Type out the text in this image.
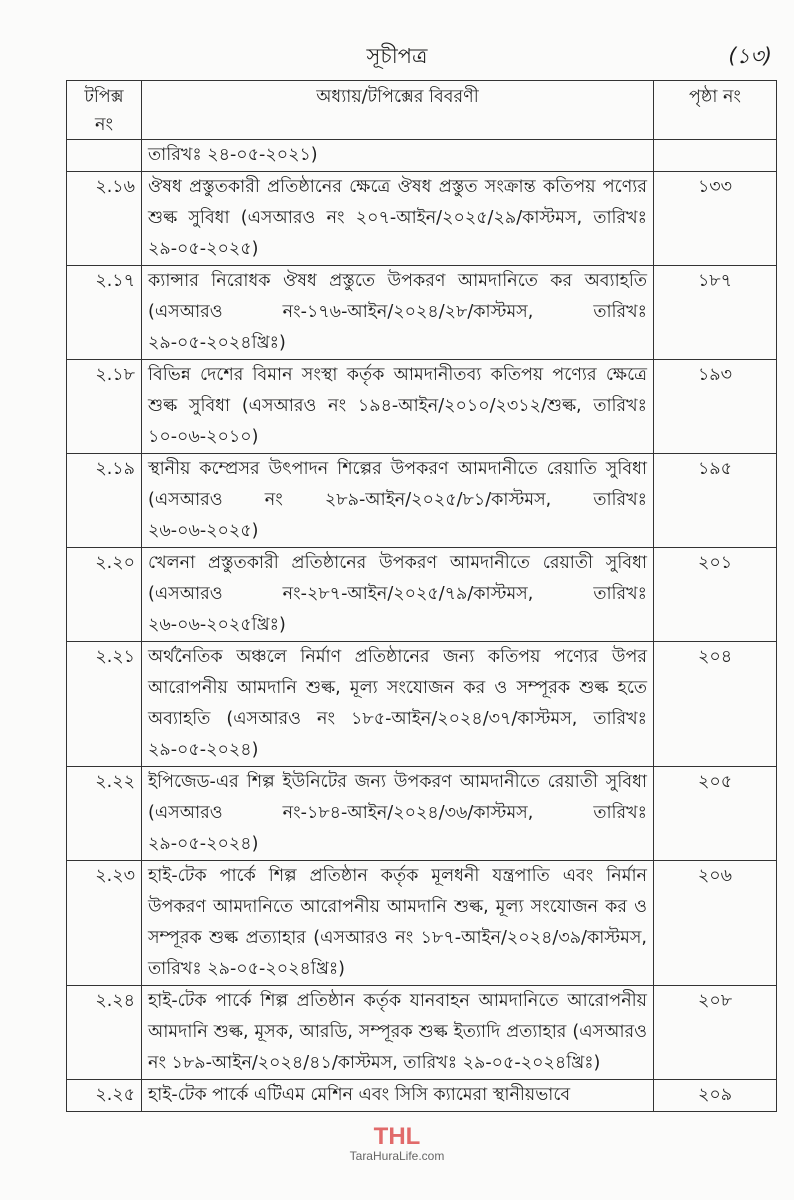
সূচীপত্র	(১৩)
টপিক্স নং	অধ্যায়/টপিক্সের বিবরণী	পৃষ্ঠা নং
	তারিখঃ ২৪-০৫-২০২১)	
২.১৬	ঔষধ প্রস্তুতকারী প্রতিষ্ঠানের ক্ষেত্রে ঔষধ প্রস্তুত সংক্রান্ত কতিপয় পণ্যের শুল্ক সুবিধা (এসআরও নং ২০৭-আইন/২০২৫/২৯/কাস্টমস, তারিখঃ ২৯-০৫-২০২৫)	১৩৩
২.১৭	ক্যান্সার নিরোধক ঔষধ প্রস্তুতে উপকরণ আমদানিতে কর অব্যাহতি (এসআরও নং-১৭৬-আইন/২০২৪/২৮/কাস্টমস, তারিখঃ ২৯-০৫-২০২৪খ্রিঃ)	১৮৭
২.১৮	বিভিন্ন দেশের বিমান সংস্থা কর্তৃক আমদানীতব্য কতিপয় পণ্যের ক্ষেত্রে শুল্ক সুবিধা (এসআরও নং ১৯৪-আইন/২০১০/২৩১২/শুল্ক, তারিখঃ ১০-০৬-২০১০)	১৯৩
২.১৯	স্থানীয় কম্প্রেসর উৎপাদন শিল্পের উপকরণ আমদানীতে রেয়াতি সুবিধা (এসআরও নং ২৮৯-আইন/২০২৫/৮১/কাস্টমস, তারিখঃ ২৬-০৬-২০২৫)	১৯৫
২.২০	খেলনা প্রস্তুতকারী প্রতিষ্ঠানের উপকরণ আমদানীতে রেয়াতী সুবিধা (এসআরও নং-২৮৭-আইন/২০২৫/৭৯/কাস্টমস, তারিখঃ ২৬-০৬-২০২৫খ্রিঃ)	২০১
২.২১	অর্থনৈতিক অঞ্চলে নির্মাণ প্রতিষ্ঠানের জন্য কতিপয় পণ্যের উপর আরোপনীয় আমদানি শুল্ক, মূল্য সংযোজন কর ও সম্পূরক শুল্ক হতে অব্যাহতি (এসআরও নং ১৮৫-আইন/২০২৪/৩৭/কাস্টমস, তারিখঃ ২৯-০৫-২০২৪)	২০৪
২.২২	ইপিজেড-এর শিল্প ইউনিটের জন্য উপকরণ আমদানীতে রেয়াতী সুবিধা (এসআরও নং-১৮৪-আইন/২০২৪/৩৬/কাস্টমস, তারিখঃ ২৯-০৫-২০২৪)	২০৫
২.২৩	হাই-টেক পার্কে শিল্প প্রতিষ্ঠান কর্তৃক মূলধনী যন্ত্রপাতি এবং নির্মান উপকরণ আমদানিতে আরোপনীয় আমদানি শুল্ক, মূল্য সংযোজন কর ও সম্পূরক শুল্ক প্রত্যাহার (এসআরও নং ১৮৭-আইন/২০২৪/৩৯/কাস্টমস, তারিখঃ ২৯-০৫-২০২৪খ্রিঃ)	২০৬
২.২৪	হাই-টেক পার্কে শিল্প প্রতিষ্ঠান কর্তৃক যানবাহন আমদানিতে আরোপনীয় আমদানি শুল্ক, মূসক, আরডি, সম্পূরক শুল্ক ইত্যাদি প্রত্যাহার (এসআরও নং ১৮৯-আইন/২০২৪/৪১/কাস্টমস, তারিখঃ ২৯-০৫-২০২৪খ্রিঃ)	২০৮
২.২৫	হাই-টেক পার্কে এটিএম মেশিন এবং সিসি ক্যামেরা স্থানীয়ভাবে	২০৯
THL
TaraHuraLife.com
